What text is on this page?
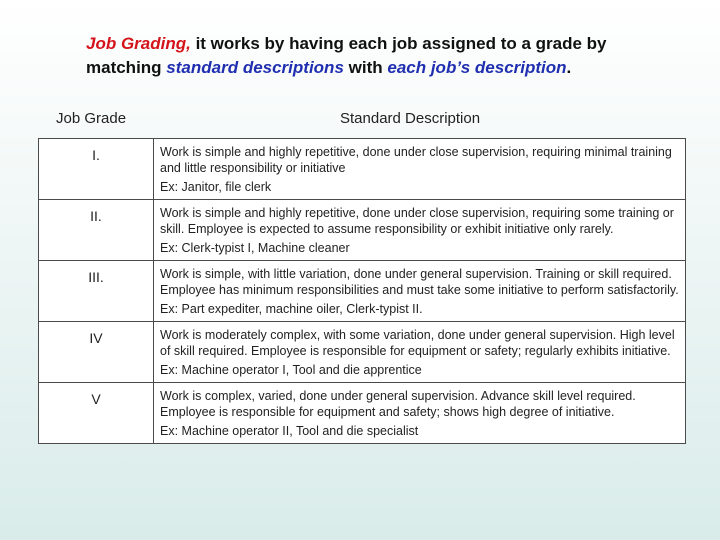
Job Grading, it works by having each job assigned to a grade by matching standard descriptions with each job’s description.
Job Grade	Standard Description
I.	Work is simple and highly repetitive, done under close supervision, requiring minimal training and little responsibility or initiative
Ex: Janitor, file clerk

II.	Work is simple and highly repetitive, done under close supervision, requiring some training or skill. Employee is expected to assume responsibility or exhibit initiative only rarely.
Ex: Clerk-typist I, Machine cleaner

III.	Work is simple, with little variation, done under general supervision. Training or skill required. Employee has minimum responsibilities and must take some initiative to perform satisfactorily.
Ex: Part expediter, machine oiler, Clerk-typist II.

IV	Work is moderately complex, with some variation, done under general supervision. High level of skill required. Employee is responsible for equipment or safety; regularly exhibits initiative.
Ex: Machine operator I, Tool and die apprentice

V	Work is complex, varied, done under general supervision. Advance skill level required. Employee is responsible for equipment and safety; shows high degree of initiative.
Ex: Machine operator II, Tool and die specialist
